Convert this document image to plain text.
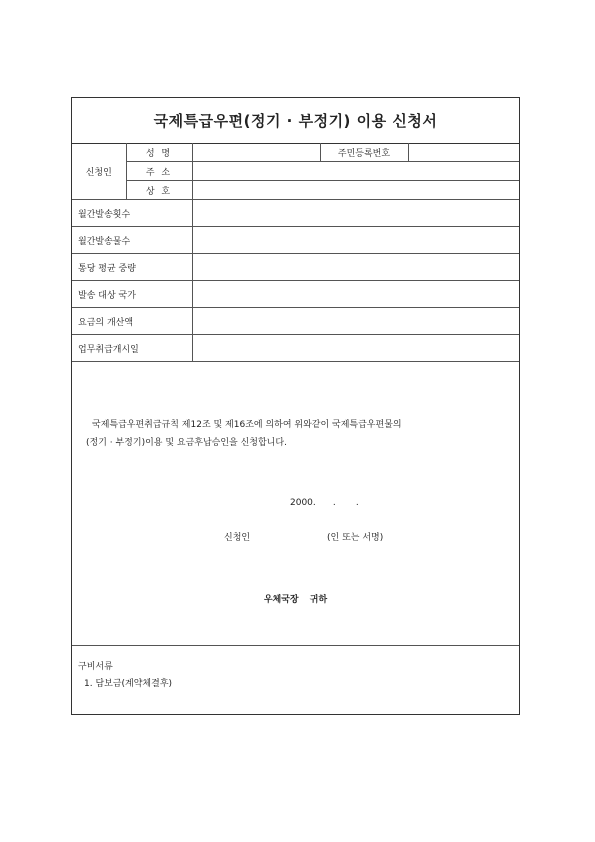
국제특급우편(정기 · 부정기) 이용 신청서
신청인	성 명		주민등록번호	
	주 소			
	상 호			
월간발송횟수				
월간발송물수				
통당 평균 중량				
발송 대상 국가				
요금의 개산액				
업무취급개시일				
국제특급우편취급규칙 제12조 및 제16조에 의하여 위와같이 국제특급우편물의
(정기 · 부정기)이용 및 요금후납승인을 신청합니다.
2000.      .       .
신청인	(인 또는 서명)
우체국장 귀하
구비서류
1. 담보금(계약체결후)
